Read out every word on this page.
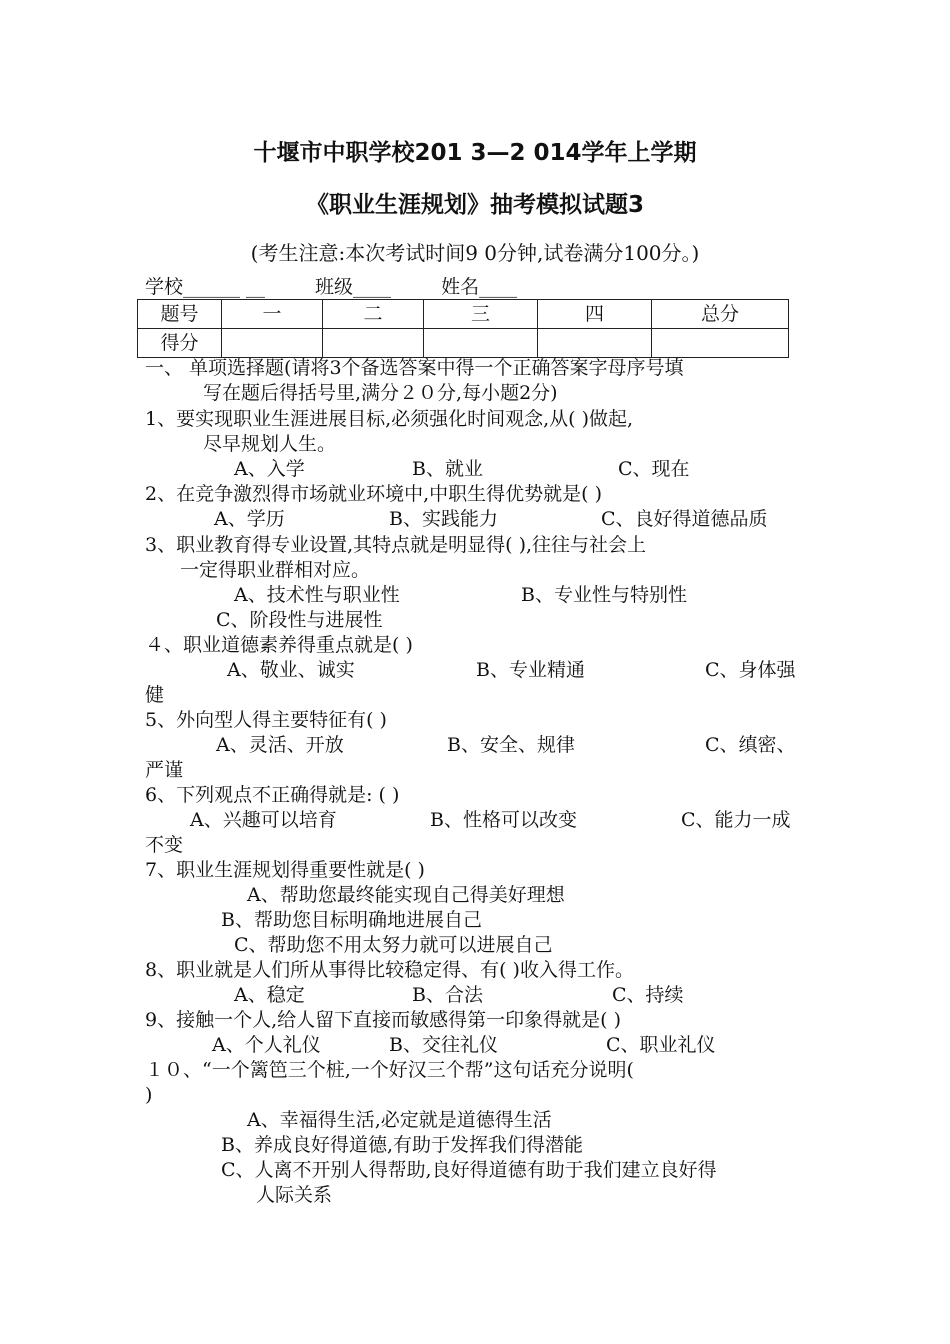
十堰市中职学校201 3—2 014学年上学期
《职业生涯规划》抽考模拟试题3
(考生注意:本次考试时间9 0分钟,试卷满分100分。)
学校______ __	班级____	姓名____
题号	一	二	三	四	总分
得分					
一、 单项选择题(请将3个备选答案中得一个正确答案字母序号填
写在题后得括号里,满分２０分,每小题2分)
1、要实现职业生涯进展目标,必须强化时间观念,从( )做起,
尽早规划人生。
A、入学	B、就业	C、现在
2、在竞争激烈得市场就业环境中,中职生得优势就是( )
A、学历	B、实践能力	C、良好得道德品质
3、职业教育得专业设置,其特点就是明显得( ),往往与社会上
一定得职业群相对应。
A、技术性与职业性	B、专业性与特别性
C、阶段性与进展性
４、职业道德素养得重点就是( )
A、敬业、诚实	B、专业精通	C、身体强
健
5、外向型人得主要特征有( )
A、灵活、开放	B、安全、规律	C、缜密、
严谨
6、下列观点不正确得就是: ( )
A、兴趣可以培育	B、性格可以改变	C、能力一成
不变
7、职业生涯规划得重要性就是( )
A、帮助您最终能实现自己得美好理想
B、帮助您目标明确地进展自己
C、帮助您不用太努力就可以进展自己
8、职业就是人们所从事得比较稳定得、有( )收入得工作。
A、稳定	B、合法	C、持续
9、接触一个人,给人留下直接而敏感得第一印象得就是( )
A、个人礼仪	B、交往礼仪	C、职业礼仪
１０、“一个篱笆三个桩,一个好汉三个帮”这句话充分说明(
)
A、幸福得生活,必定就是道德得生活
B、养成良好得道德,有助于发挥我们得潜能
C、人离不开别人得帮助,良好得道德有助于我们建立良好得
人际关系
